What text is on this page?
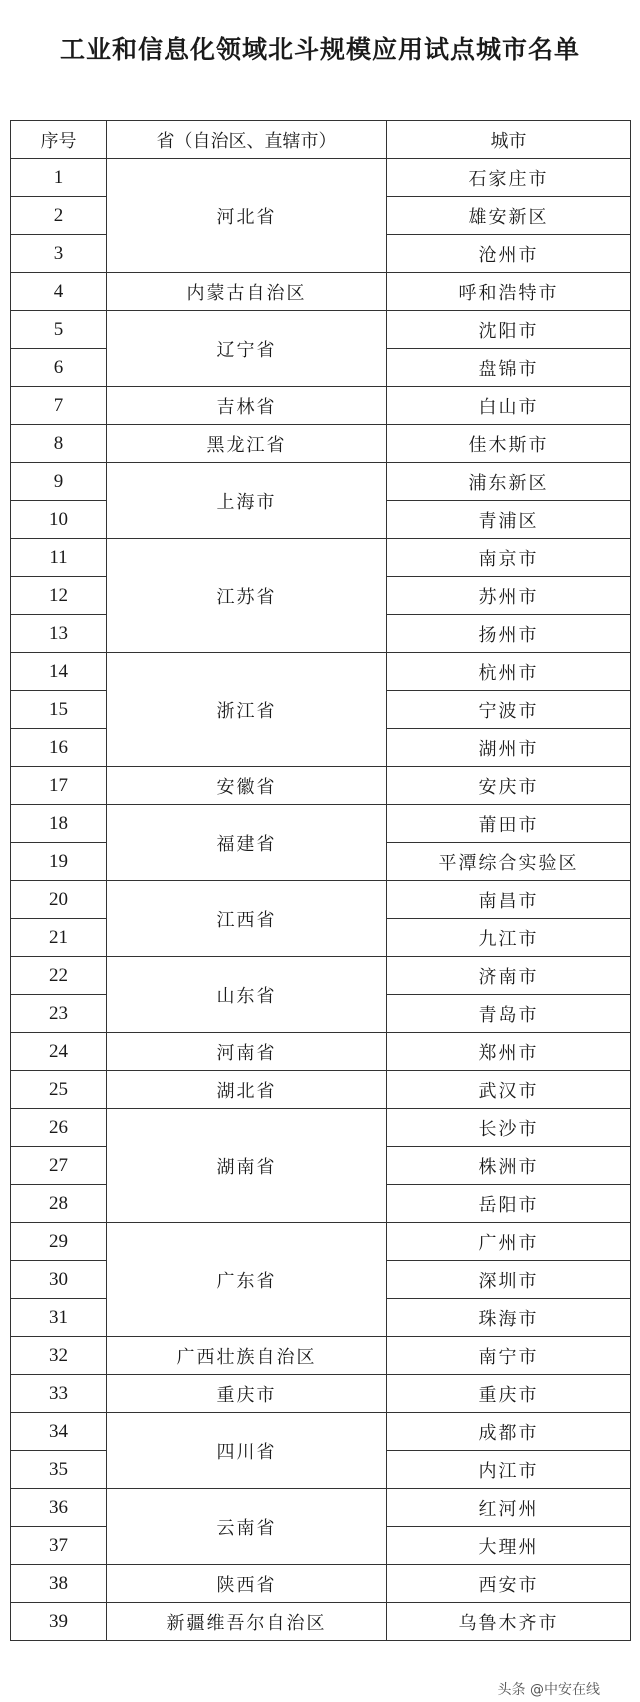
工业和信息化领域北斗规模应用试点城市名单
序号	省（自治区、直辖市）	城市
1	河北省	石家庄市
2		雄安新区
3		沧州市
4	内蒙古自治区	呼和浩特市
5	辽宁省	沈阳市
6		盘锦市
7	吉林省	白山市
8	黑龙江省	佳木斯市
9	上海市	浦东新区
10		青浦区
11	江苏省	南京市
12		苏州市
13		扬州市
14	浙江省	杭州市
15		宁波市
16		湖州市
17	安徽省	安庆市
18	福建省	莆田市
19		平潭综合实验区
20	江西省	南昌市
21		九江市
22	山东省	济南市
23		青岛市
24	河南省	郑州市
25	湖北省	武汉市
26	湖南省	长沙市
27		株洲市
28		岳阳市
29	广东省	广州市
30		深圳市
31		珠海市
32	广西壮族自治区	南宁市
33	重庆市	重庆市
34	四川省	成都市
35		内江市
36	云南省	红河州
37		大理州
38	陕西省	西安市
39	新疆维吾尔自治区	乌鲁木齐市
头条 @中安在线
